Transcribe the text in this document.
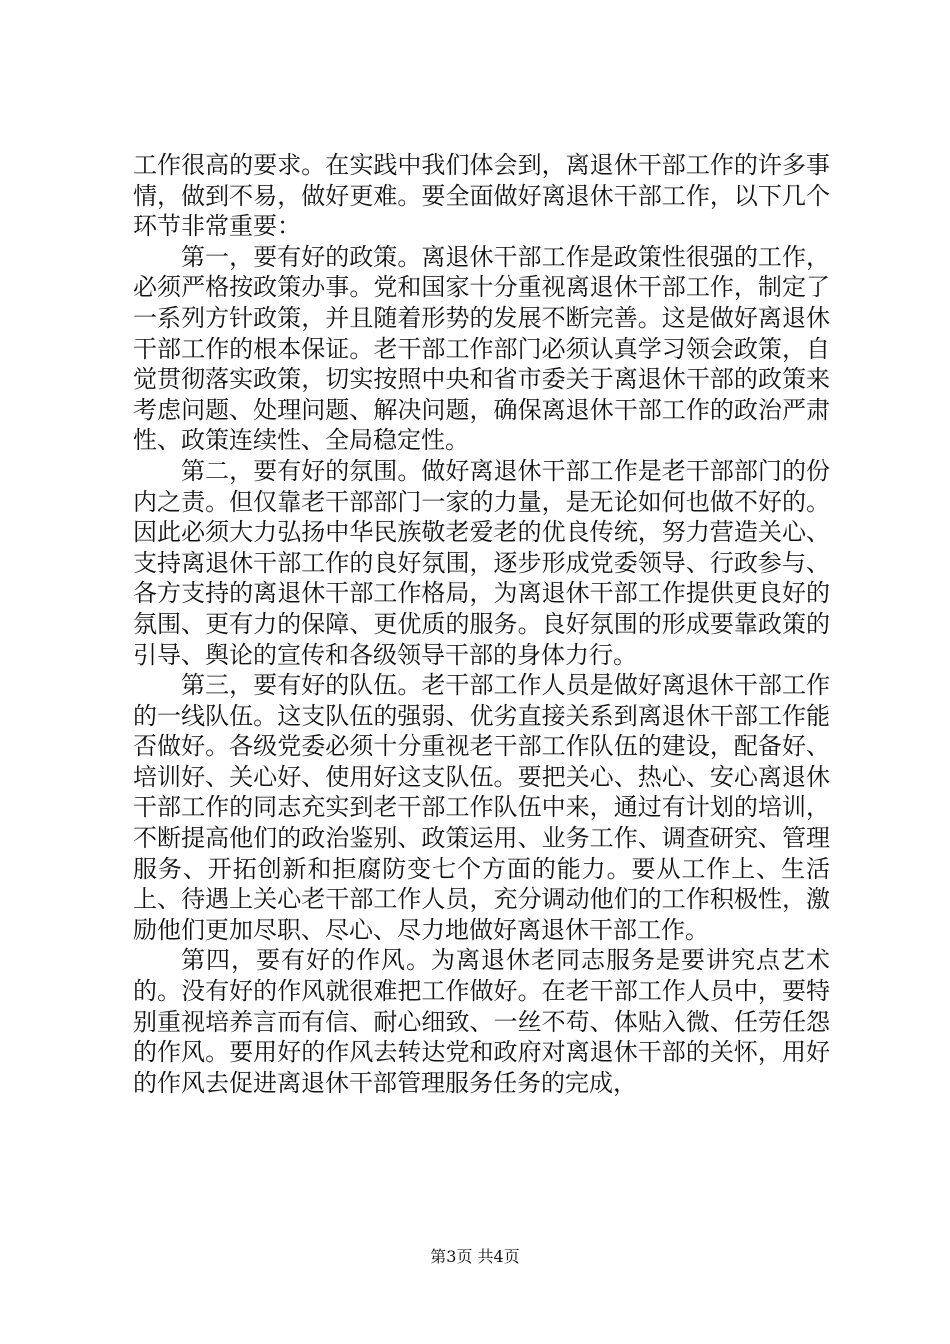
工作很高的要求。在实践中我们体会到，离退休干部工作的许多事情，做到不易，做好更难。要全面做好离退休干部工作，以下几个环节非常重要：

第一，要有好的政策。离退休干部工作是政策性很强的工作，必须严格按政策办事。党和国家十分重视离退休干部工作，制定了一系列方针政策，并且随着形势的发展不断完善。这是做好离退休干部工作的根本保证。老干部工作部门必须认真学习领会政策，自觉贯彻落实政策，切实按照中央和省市委关于离退休干部的政策来考虑问题、处理问题、解决问题，确保离退休干部工作的政治严肃性、政策连续性、全局稳定性。

第二，要有好的氛围。做好离退休干部工作是老干部部门的份内之责。但仅靠老干部部门一家的力量，是无论如何也做不好的。因此必须大力弘扬中华民族敬老爱老的优良传统，努力营造关心、支持离退休干部工作的良好氛围，逐步形成党委领导、行政参与、各方支持的离退休干部工作格局，为离退休干部工作提供更良好的氛围、更有力的保障、更优质的服务。良好氛围的形成要靠政策的引导、舆论的宣传和各级领导干部的身体力行。

第三，要有好的队伍。老干部工作人员是做好离退休干部工作的一线队伍。这支队伍的强弱、优劣直接关系到离退休干部工作能否做好。各级党委必须十分重视老干部工作队伍的建设，配备好、培训好、关心好、使用好这支队伍。要把关心、热心、安心离退休干部工作的同志充实到老干部工作队伍中来，通过有计划的培训，不断提高他们的政治鉴别、政策运用、业务工作、调查研究、管理服务、开拓创新和拒腐防变七个方面的能力。要从工作上、生活上、待遇上关心老干部工作人员，充分调动他们的工作积极性，激励他们更加尽职、尽心、尽力地做好离退休干部工作。

第四，要有好的作风。为离退休老同志服务是要讲究点艺术的。没有好的作风就很难把工作做好。在老干部工作人员中，要特别重视培养言而有信、耐心细致、一丝不苟、体贴入微、任劳任怨的作风。要用好的作风去转达党和政府对离退休干部的关怀，用好的作风去促进离退休干部管理服务任务的完成，

第3页 共4页
